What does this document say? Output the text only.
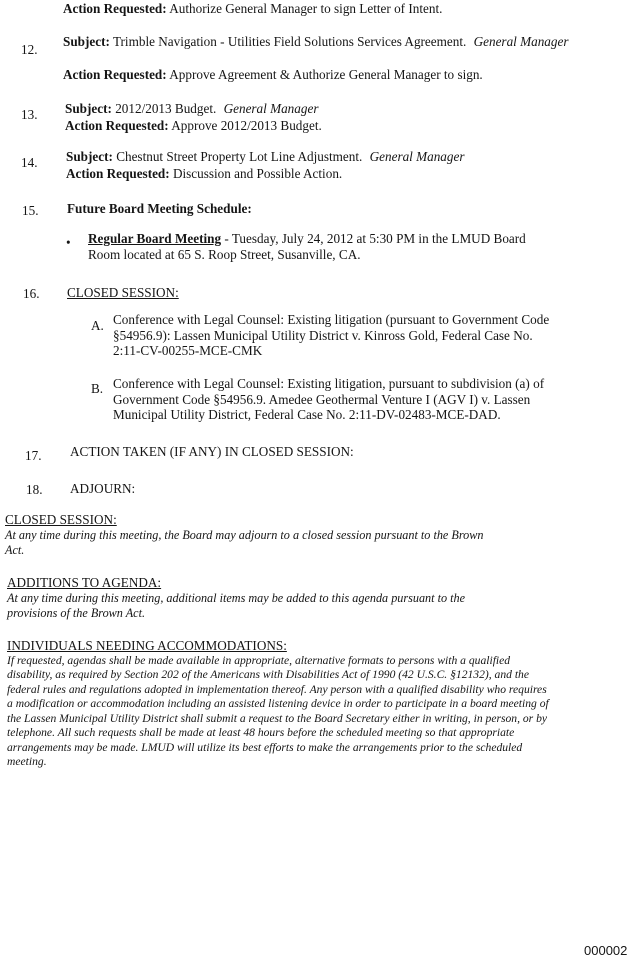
Action Requested: Authorize General Manager to sign Letter of Intent.
12.
Subject: Trimble Navigation - Utilities Field Solutions Services Agreement. General Manager
Action Requested: Approve Agreement & Authorize General Manager to sign.
13. Subject: 2012/2013 Budget. General Manager
Action Requested: Approve 2012/2013 Budget.
14. Subject: Chestnut Street Property Lot Line Adjustment. General Manager
Action Requested: Discussion and Possible Action.
15. Future Board Meeting Schedule:
• Regular Board Meeting - Tuesday, July 24, 2012 at 5:30 PM in the LMUD Board
Room located at 65 S. Roop Street, Susanville, CA.
16. CLOSED SESSION:
A. Conference with Legal Counsel: Existing litigation (pursuant to Government Code
§54956.9): Lassen Municipal Utility District v. Kinross Gold, Federal Case No.
2:11-CV-00255-MCE-CMK
B. Conference with Legal Counsel: Existing litigation, pursuant to subdivision (a) of
Government Code §54956.9. Amedee Geothermal Venture I (AGV I) v. Lassen
Municipal Utility District, Federal Case No. 2:11-DV-02483-MCE-DAD.
17. ACTION TAKEN (IF ANY) IN CLOSED SESSION:
18. ADJOURN:
CLOSED SESSION:
At any time during this meeting, the Board may adjourn to a closed session pursuant to the Brown
Act.
ADDITIONS TO AGENDA:
At any time during this meeting, additional items may be added to this agenda pursuant to the
provisions of the Brown Act.
INDIVIDUALS NEEDING ACCOMMODATIONS:
If requested, agendas shall be made available in appropriate, alternative formats to persons with a qualified
disability, as required by Section 202 of the Americans with Disabilities Act of 1990 (42 U.S.C. §12132), and the
federal rules and regulations adopted in implementation thereof. Any person with a qualified disability who requires
a modification or accommodation including an assisted listening device in order to participate in a board meeting of
the Lassen Municipal Utility District shall submit a request to the Board Secretary either in writing, in person, or by
telephone. All such requests shall be made at least 48 hours before the scheduled meeting so that appropriate
arrangements may be made. LMUD will utilize its best efforts to make the arrangements prior to the scheduled
meeting.
000002
